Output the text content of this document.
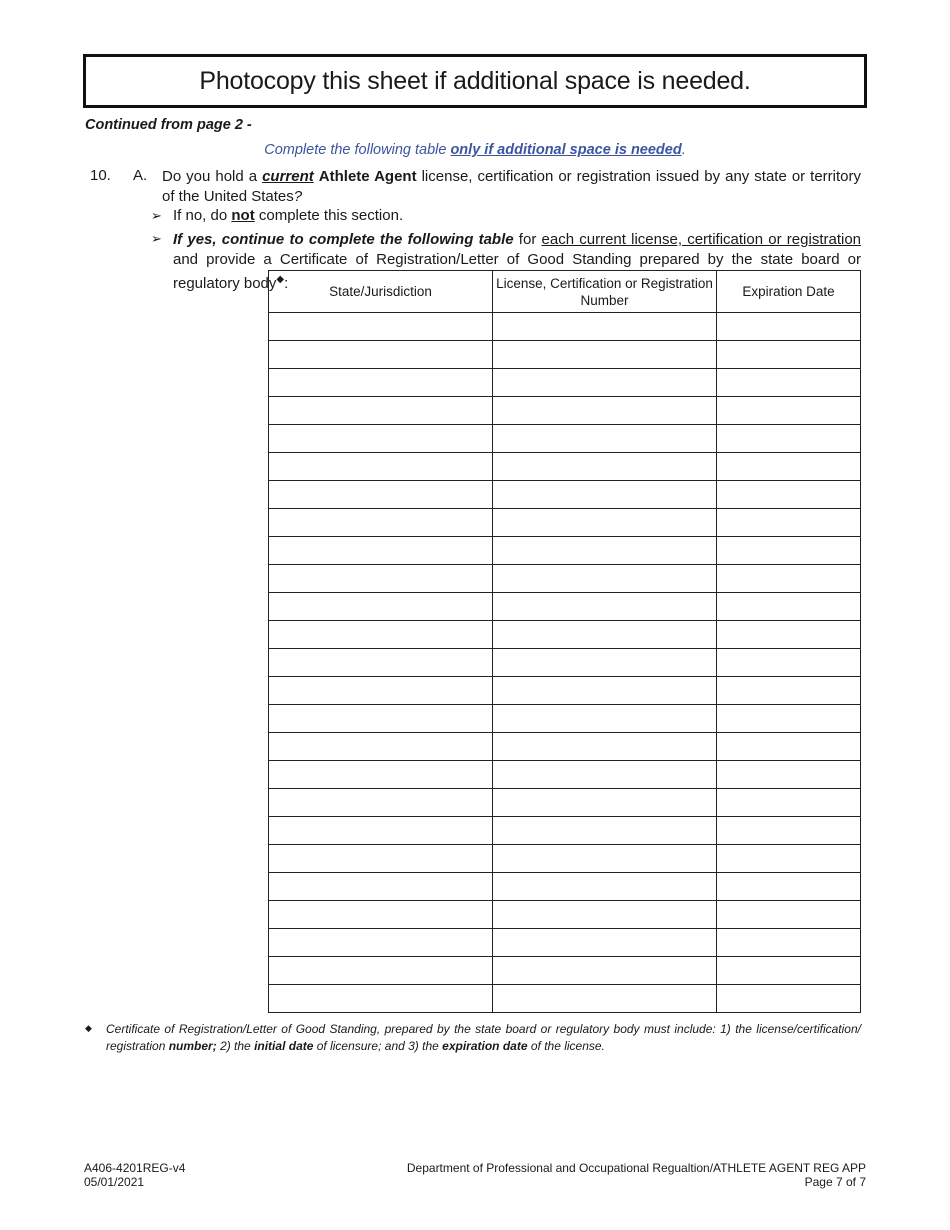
Photocopy this sheet if additional space is needed.
Continued from page 2 -
Complete the following table only if additional space is needed.
10. A. Do you hold a current Athlete Agent license, certification or registration issued by any state or territory of the United States?
➢ If no, do not complete this section.
➢ If yes, continue to complete the following table for each current license, certification or registration and provide a Certificate of Registration/Letter of Good Standing prepared by the state board or regulatory body◆:	State/Jurisdiction	License, Certification or Registration Number	Expiration Date

◆ Certificate of Registration/Letter of Good Standing, prepared by the state board or regulatory body must include: 1) the license/certification/ registration number; 2) the initial date of licensure; and 3) the expiration date of the license.
A406-4201REG-v4
05/01/2021
Department of Professional and Occupational Regualtion/ATHLETE AGENT REG APP
Page 7 of 7
